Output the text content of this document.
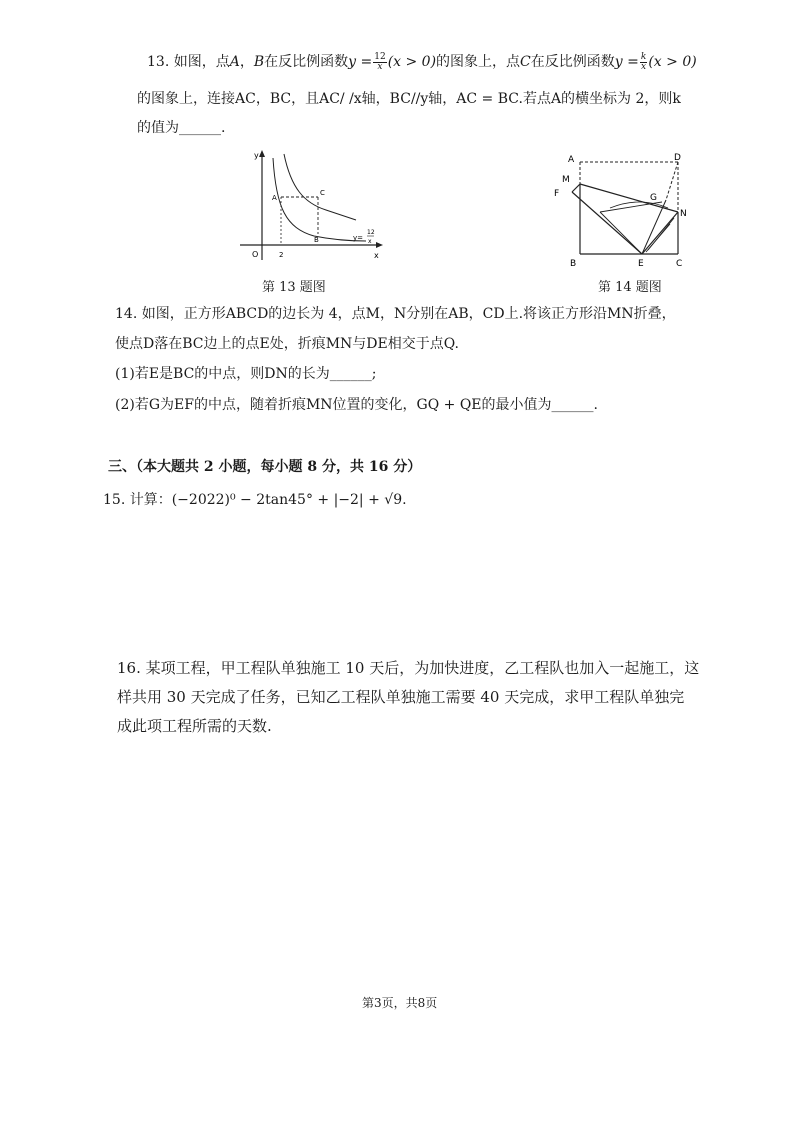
13. 如图，点A，B在反比例函数$y = \frac{12}{x} (x > 0)$的图象上，点C在反比例函数$y = \frac{k}{x} (x > 0)$
的图象上，连接AC，BC，且AC/ /x轴，BC//y轴，AC = BC.若点A的横坐标为 2，则k
的值为______.
y
x
O	2
A
C
B	y=
12
x
第 13 题图
A	D
M
F	G
N
B	E	C
第 14 题图
14. 如图，正方形ABCD的边长为 4，点M，N分别在AB，CD上.将该正方形沿MN折叠，
使点D落在BC边上的点E处，折痕MN与DE相交于点Q.
(1)若E是BC的中点，则DN的长为______;
(2)若G为EF的中点，随着折痕MN位置的变化，GQ + QE的最小值为______.
三、（本大题共 2 小题，每小题 8 分，共 16 分）
15. 计算：(−2022)⁰ − 2tan45° + |−2| + √9.
16. 某项工程，甲工程队单独施工 10 天后，为加快进度，乙工程队也加入一起施工，这
样共用 30 天完成了任务，已知乙工程队单独施工需要 40 天完成，求甲工程队单独完
成此项工程所需的天数.
第3页，共8页
